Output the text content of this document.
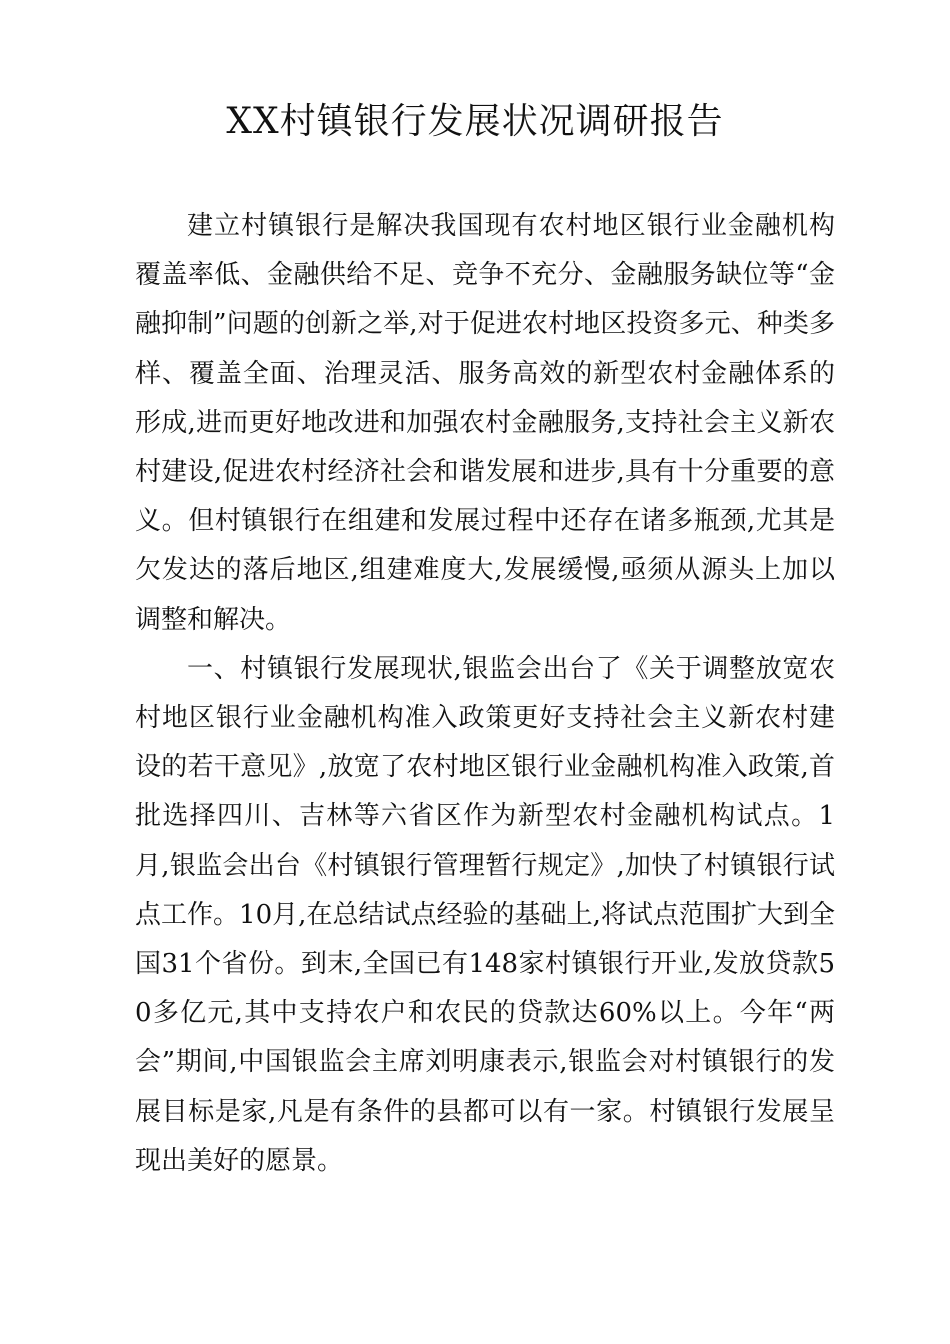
XX村镇银行发展状况调研报告

建立村镇银行是解决我国现有农村地区银行业金融机构覆盖率低、金融供给不足、竞争不充分、金融服务缺位等“金融抑制”问题的创新之举,对于促进农村地区投资多元、种类多样、覆盖全面、治理灵活、服务高效的新型农村金融体系的形成,进而更好地改进和加强农村金融服务,支持社会主义新农村建设,促进农村经济社会和谐发展和进步,具有十分重要的意义。但村镇银行在组建和发展过程中还存在诸多瓶颈,尤其是欠发达的落后地区,组建难度大,发展缓慢,亟须从源头上加以调整和解决。

一、村镇银行发展现状,银监会出台了《关于调整放宽农村地区银行业金融机构准入政策更好支持社会主义新农村建设的若干意见》,放宽了农村地区银行业金融机构准入政策,首批选择四川、吉林等六省区作为新型农村金融机构试点。1月,银监会出台《村镇银行管理暂行规定》,加快了村镇银行试点工作。10月,在总结试点经验的基础上,将试点范围扩大到全国31个省份。到末,全国已有148家村镇银行开业,发放贷款50多亿元,其中支持农户和农民的贷款达60%以上。今年“两会”期间,中国银监会主席刘明康表示,银监会对村镇银行的发展目标是家,凡是有条件的县都可以有一家。村镇银行发展呈现出美好的愿景。
